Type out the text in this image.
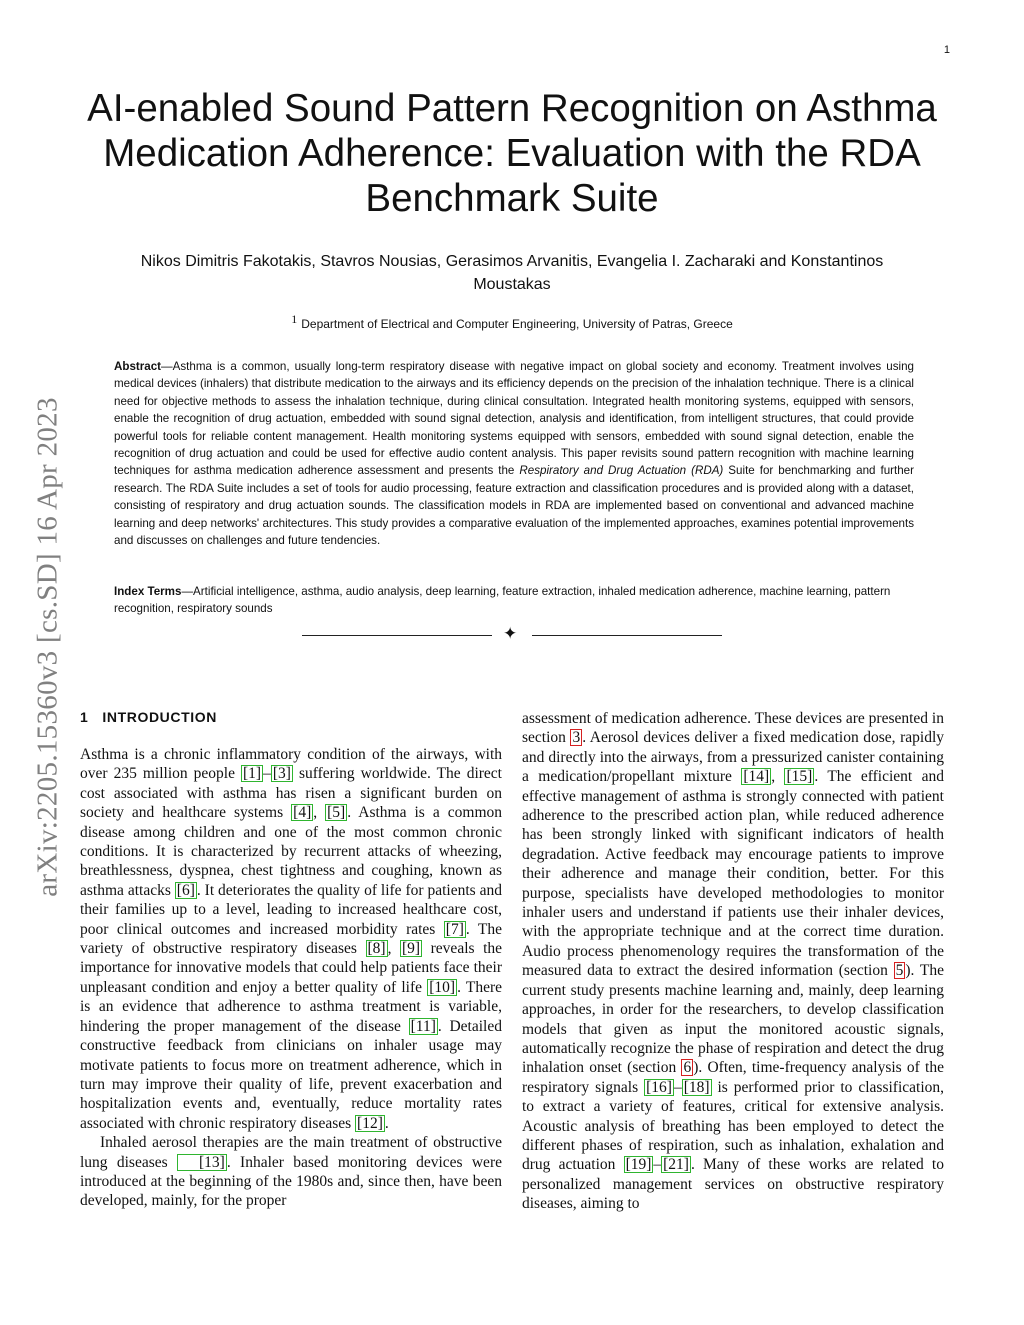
1
arXiv:2205.15360v3 [cs.SD] 16 Apr 2023
AI-enabled Sound Pattern Recognition on Asthma Medication Adherence: Evaluation with the RDA Benchmark Suite
Nikos Dimitris Fakotakis, Stavros Nousias, Gerasimos Arvanitis, Evangelia I. Zacharaki and Konstantinos Moustakas
$^1$ Department of Electrical and Computer Engineering, University of Patras, Greece

Abstract—Asthma is a common, usually long-term respiratory disease with negative impact on global society and economy. Treatment involves using medical devices (inhalers) that distribute medication to the airways and its efficiency depends on the precision of the inhalation technique. There is a clinical need for objective methods to assess the inhalation technique, during clinical consultation. Integrated health monitoring systems, equipped with sensors, enable the recognition of drug actuation, embedded with sound signal detection, analysis and identification, from intelligent structures, that could provide powerful tools for reliable content management. Health monitoring systems equipped with sensors, embedded with sound signal detection, enable the recognition of drug actuation and could be used for effective audio content analysis. This paper revisits sound pattern recognition with machine learning techniques for asthma medication adherence assessment and presents the Respiratory and Drug Actuation (RDA) Suite for benchmarking and further research. The RDA Suite includes a set of tools for audio processing, feature extraction and classification procedures and is provided along with a dataset, consisting of respiratory and drug actuation sounds. The classification models in RDA are implemented based on conventional and advanced machine learning and deep networks' architectures. This study provides a comparative evaluation of the implemented approaches, examines potential improvements and discusses on challenges and future tendencies.

Index Terms—Artificial intelligence, asthma, audio analysis, deep learning, feature extraction, inhaled medication adherence, machine learning, pattern recognition, respiratory sounds

✦
1 INTRODUCTION

Asthma is a chronic inflammatory condition of the airways, with over 235 million people [1] – [3] suffering worldwide. The direct cost associated with asthma has risen a significant burden on society and healthcare systems [4] , [5] . Asthma is a common disease among children and one of the most common chronic conditions. It is characterized by recurrent attacks of wheezing, breathlessness, dyspnea, chest tightness and coughing, known as asthma attacks [6] . It deteriorates the quality of life for patients and their families up to a level, leading to increased healthcare cost, poor clinical outcomes and increased morbidity rates [7] . The variety of obstructive respiratory diseases [8] , [9] reveals the importance for innovative models that could help patients face their unpleasant condition and enjoy a better quality of life [10] . There is an evidence that adherence to asthma treatment is variable, hindering the proper management of the disease [11] . Detailed constructive feedback from clinicians on inhaler usage may motivate patients to focus more on treatment adherence, which in turn may improve their quality of life, prevent exacerbation and hospitalization events and, eventually, reduce mortality rates associated with chronic respiratory diseases [12] .

Inhaled aerosol therapies are the main treatment of obstructive lung diseases [13] . Inhaler based monitoring devices were introduced at the beginning of the 1980s and, since then, have been developed, mainly, for the proper

assessment of medication adherence. These devices are presented in section 3 . Aerosol devices deliver a fixed medication dose, rapidly and directly into the airways, from a pressurized canister containing a medication/propellant mixture [14] , [15] . The efficient and effective management of asthma is strongly connected with patient adherence to the prescribed action plan, while reduced adherence has been strongly linked with significant indicators of health degradation. Active feedback may encourage patients to improve their adherence and manage their condition, better. For this purpose, specialists have developed methodologies to monitor inhaler users and understand if patients use their inhaler devices, with the appropriate technique and at the correct time duration. Audio process phenomenology requires the transformation of the measured data to extract the desired information (section 5 ). The current study presents machine learning and, mainly, deep learning approaches, in order for the researchers, to develop classification models that given as input the monitored acoustic signals, automatically recognize the phase of respiration and detect the drug inhalation onset (section 6 ). Often, time-frequency analysis of the respiratory signals [16] – [18] is performed prior to classification, to extract a variety of features, critical for extensive analysis. Acoustic analysis of breathing has been employed to detect the different phases of respiration, such as inhalation, exhalation and drug actuation [19] – [21] . Many of these works are related to personalized management services on obstructive respiratory diseases, aiming to
